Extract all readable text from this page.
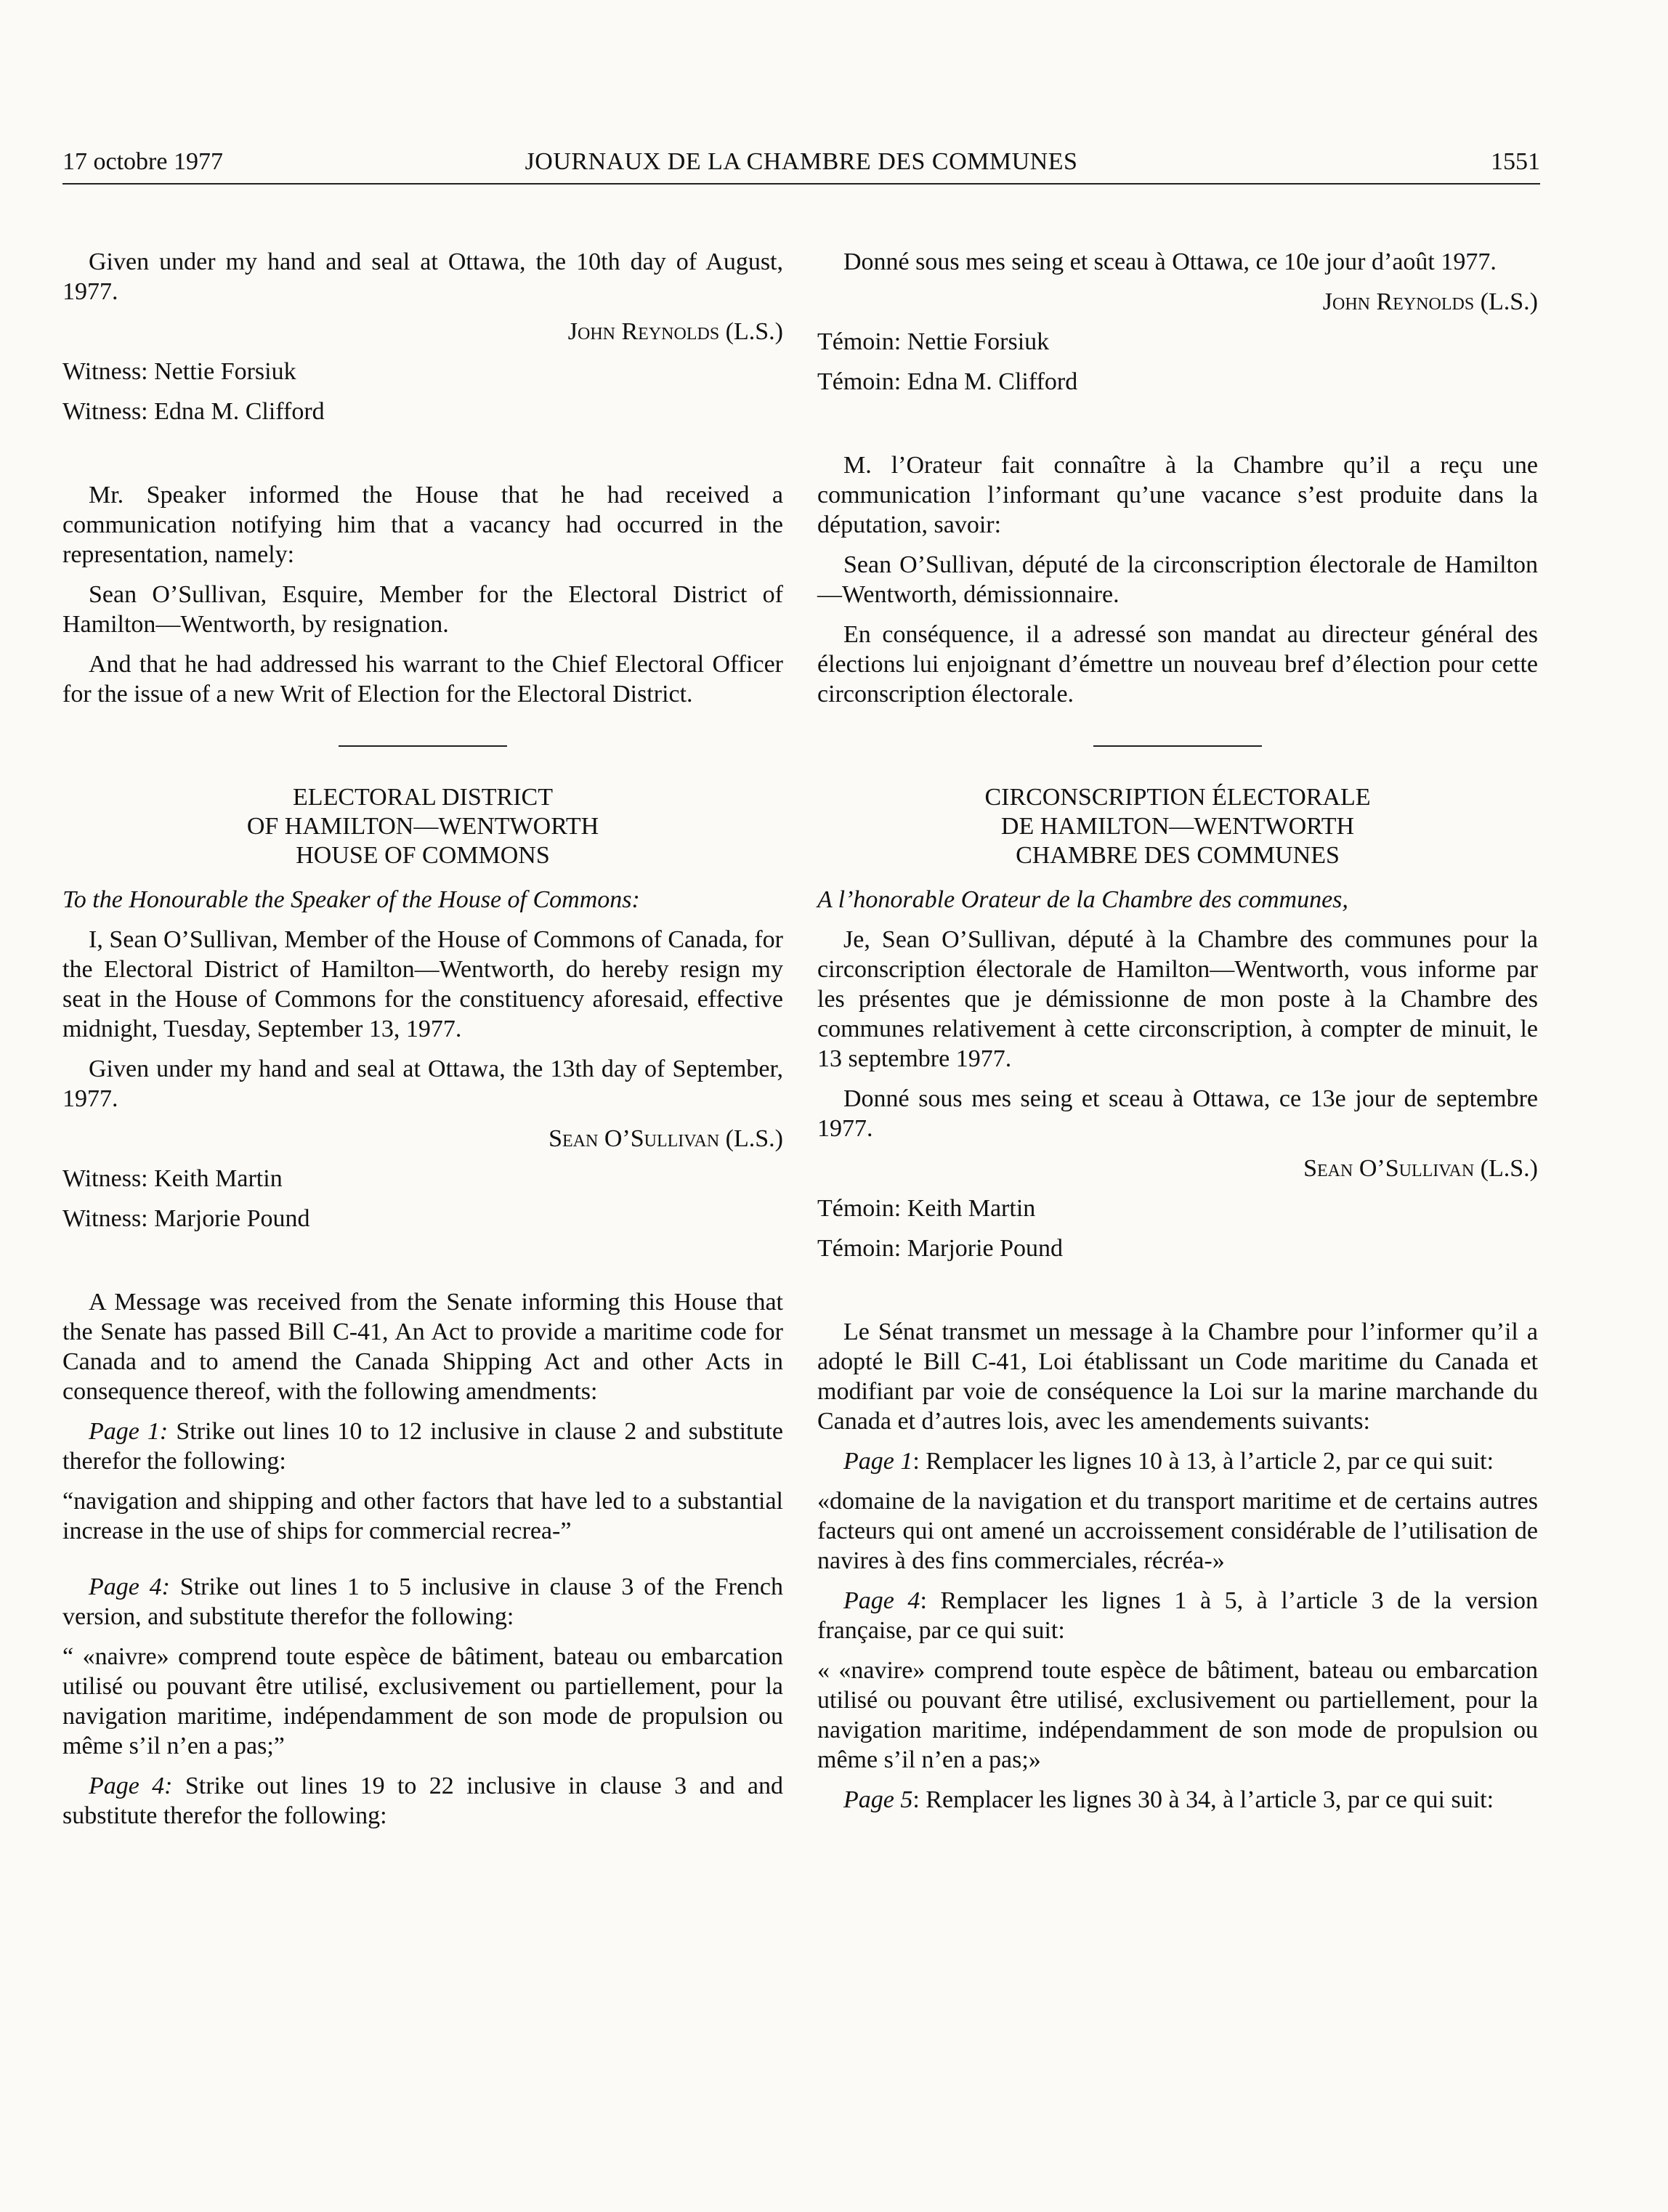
17 octobre 1977	JOURNAUX DE LA CHAMBRE DES COMMUNES	1551

Given under my hand and seal at Ottawa, the 10th day of August, 1977.

John Reynolds (L.S.)

Witness: Nettie Forsiuk

Witness: Edna M. Clifford

Mr. Speaker informed the House that he had received a communication notifying him that a vacancy had occurred in the representation, namely:

Sean O’Sullivan, Esquire, Member for the Electoral District of Hamilton—Wentworth, by resignation.

And that he had addressed his warrant to the Chief Electoral Officer for the issue of a new Writ of Election for the Electoral District.

ELECTORAL DISTRICT
OF HAMILTON—WENTWORTH
HOUSE OF COMMONS

To the Honourable the Speaker of the House of Commons:

I, Sean O’Sullivan, Member of the House of Commons of Canada, for the Electoral District of Hamilton—Wentworth, do hereby resign my seat in the House of Commons for the constituency aforesaid, effective midnight, Tuesday, September 13, 1977.

Given under my hand and seal at Ottawa, the 13th day of September, 1977.

Sean O’Sullivan (L.S.)

Witness: Keith Martin

Witness: Marjorie Pound

A Message was received from the Senate informing this House that the Senate has passed Bill C-41, An Act to provide a maritime code for Canada and to amend the Canada Shipping Act and other Acts in consequence thereof, with the following amendments:

Page 1: Strike out lines 10 to 12 inclusive in clause 2 and substitute therefor the following:

“navigation and shipping and other factors that have led to a substantial increase in the use of ships for commercial recrea-”

Page 4: Strike out lines 1 to 5 inclusive in clause 3 of the French version, and substitute therefor the following:

“ «naivre» comprend toute espèce de bâtiment, bateau ou embarcation utilisé ou pouvant être utilisé, exclusivement ou partiellement, pour la navigation maritime, indépendamment de son mode de propulsion ou même s’il n’en a pas;”

Page 4: Strike out lines 19 to 22 inclusive in clause 3 and and substitute therefor the following:

Donné sous mes seing et sceau à Ottawa, ce 10e jour d’août 1977.

John Reynolds (L.S.)

Témoin: Nettie Forsiuk

Témoin: Edna M. Clifford

M. l’Orateur fait connaître à la Chambre qu’il a reçu une communication l’informant qu’une vacance s’est produite dans la députation, savoir:

Sean O’Sullivan, député de la circonscription électorale de Hamilton—Wentworth, démissionnaire.

En conséquence, il a adressé son mandat au directeur général des élections lui enjoignant d’émettre un nouveau bref d’élection pour cette circonscription électorale.

CIRCONSCRIPTION ÉLECTORALE
DE HAMILTON—WENTWORTH
CHAMBRE DES COMMUNES

A l’honorable Orateur de la Chambre des communes,

Je, Sean O’Sullivan, député à la Chambre des communes pour la circonscription électorale de Hamilton—Wentworth, vous informe par les présentes que je démissionne de mon poste à la Chambre des communes relativement à cette circonscription, à compter de minuit, le 13 septembre 1977.

Donné sous mes seing et sceau à Ottawa, ce 13e jour de septembre 1977.

Sean O’Sullivan (L.S.)

Témoin: Keith Martin

Témoin: Marjorie Pound

Le Sénat transmet un message à la Chambre pour l’informer qu’il a adopté le Bill C-41, Loi établissant un Code maritime du Canada et modifiant par voie de conséquence la Loi sur la marine marchande du Canada et d’autres lois, avec les amendements suivants:

Page 1: Remplacer les lignes 10 à 13, à l’article 2, par ce qui suit:

«domaine de la navigation et du transport maritime et de certains autres facteurs qui ont amené un accroissement considérable de l’utilisation de navires à des fins commerciales, récréa-»

Page 4: Remplacer les lignes 1 à 5, à l’article 3 de la version française, par ce qui suit:

« «navire» comprend toute espèce de bâtiment, bateau ou embarcation utilisé ou pouvant être utilisé, exclusivement ou partiellement, pour la navigation maritime, indépendamment de son mode de propulsion ou même s’il n’en a pas;»

Page 5: Remplacer les lignes 30 à 34, à l’article 3, par ce qui suit:
